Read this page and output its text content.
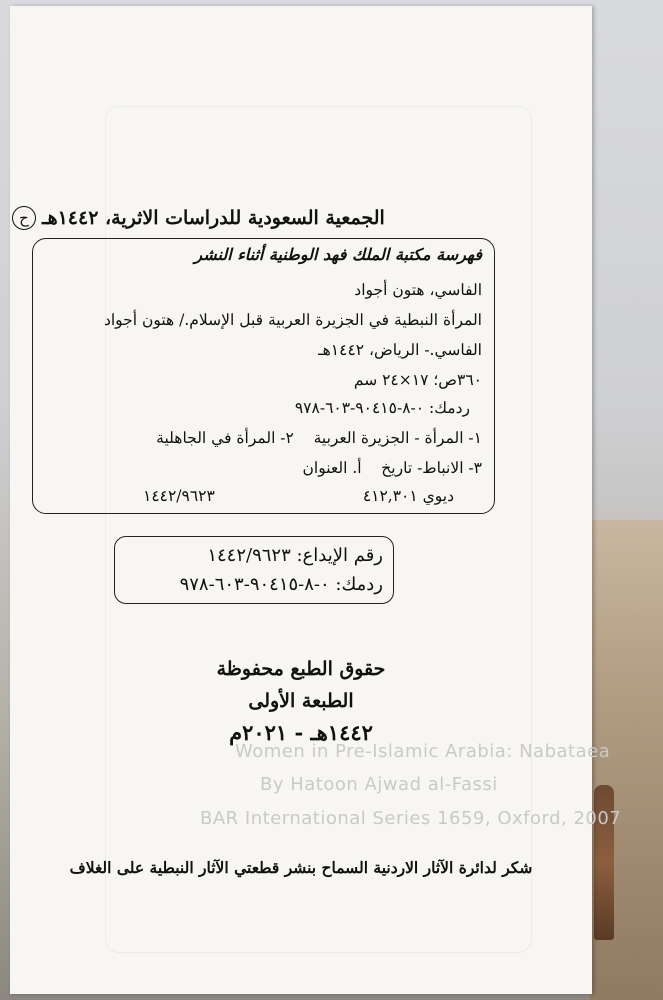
Women in Pre-Islamic Arabia: Nabataea
By Hatoon Ajwad al-Fassi
BAR International Series 1659, Oxford, 2007
ح الجمعية السعودية للدراسات الاثرية، ١٤٤٢هـ
فهرسة مكتبة الملك فهد الوطنية أثناء النشر
الفاسي، هتون أجواد
المرأة النبطية في الجزيرة العربية قبل الإسلام./ هتون أجواد
الفاسي.- الرياض، ١٤٤٢هـ
٣٦٠ص؛ ١٧×٢٤ سم
ردمك: ٠-٨-٩٠٤١٥-٦٠٣-٩٧٨
١- المرأة - الجزيرة العربية    ٢- المرأة في الجاهلية
٣- الانباط- تاريخ    أ. العنوان
ديوي ٤١٢,٣٠١
١٤٤٢/٩٦٢٣
رقم الإيداع: ١٤٤٢/٩٦٢٣
ردمك: ٠-٨-٩٠٤١٥-٦٠٣-٩٧٨
حقوق الطبع محفوظة
الطبعة الأولى
١٤٤٢هـ - ٢٠٢١م
شكر لدائرة الآثار الاردنية السماح بنشر قطعتي الآثار النبطية على الغلاف
